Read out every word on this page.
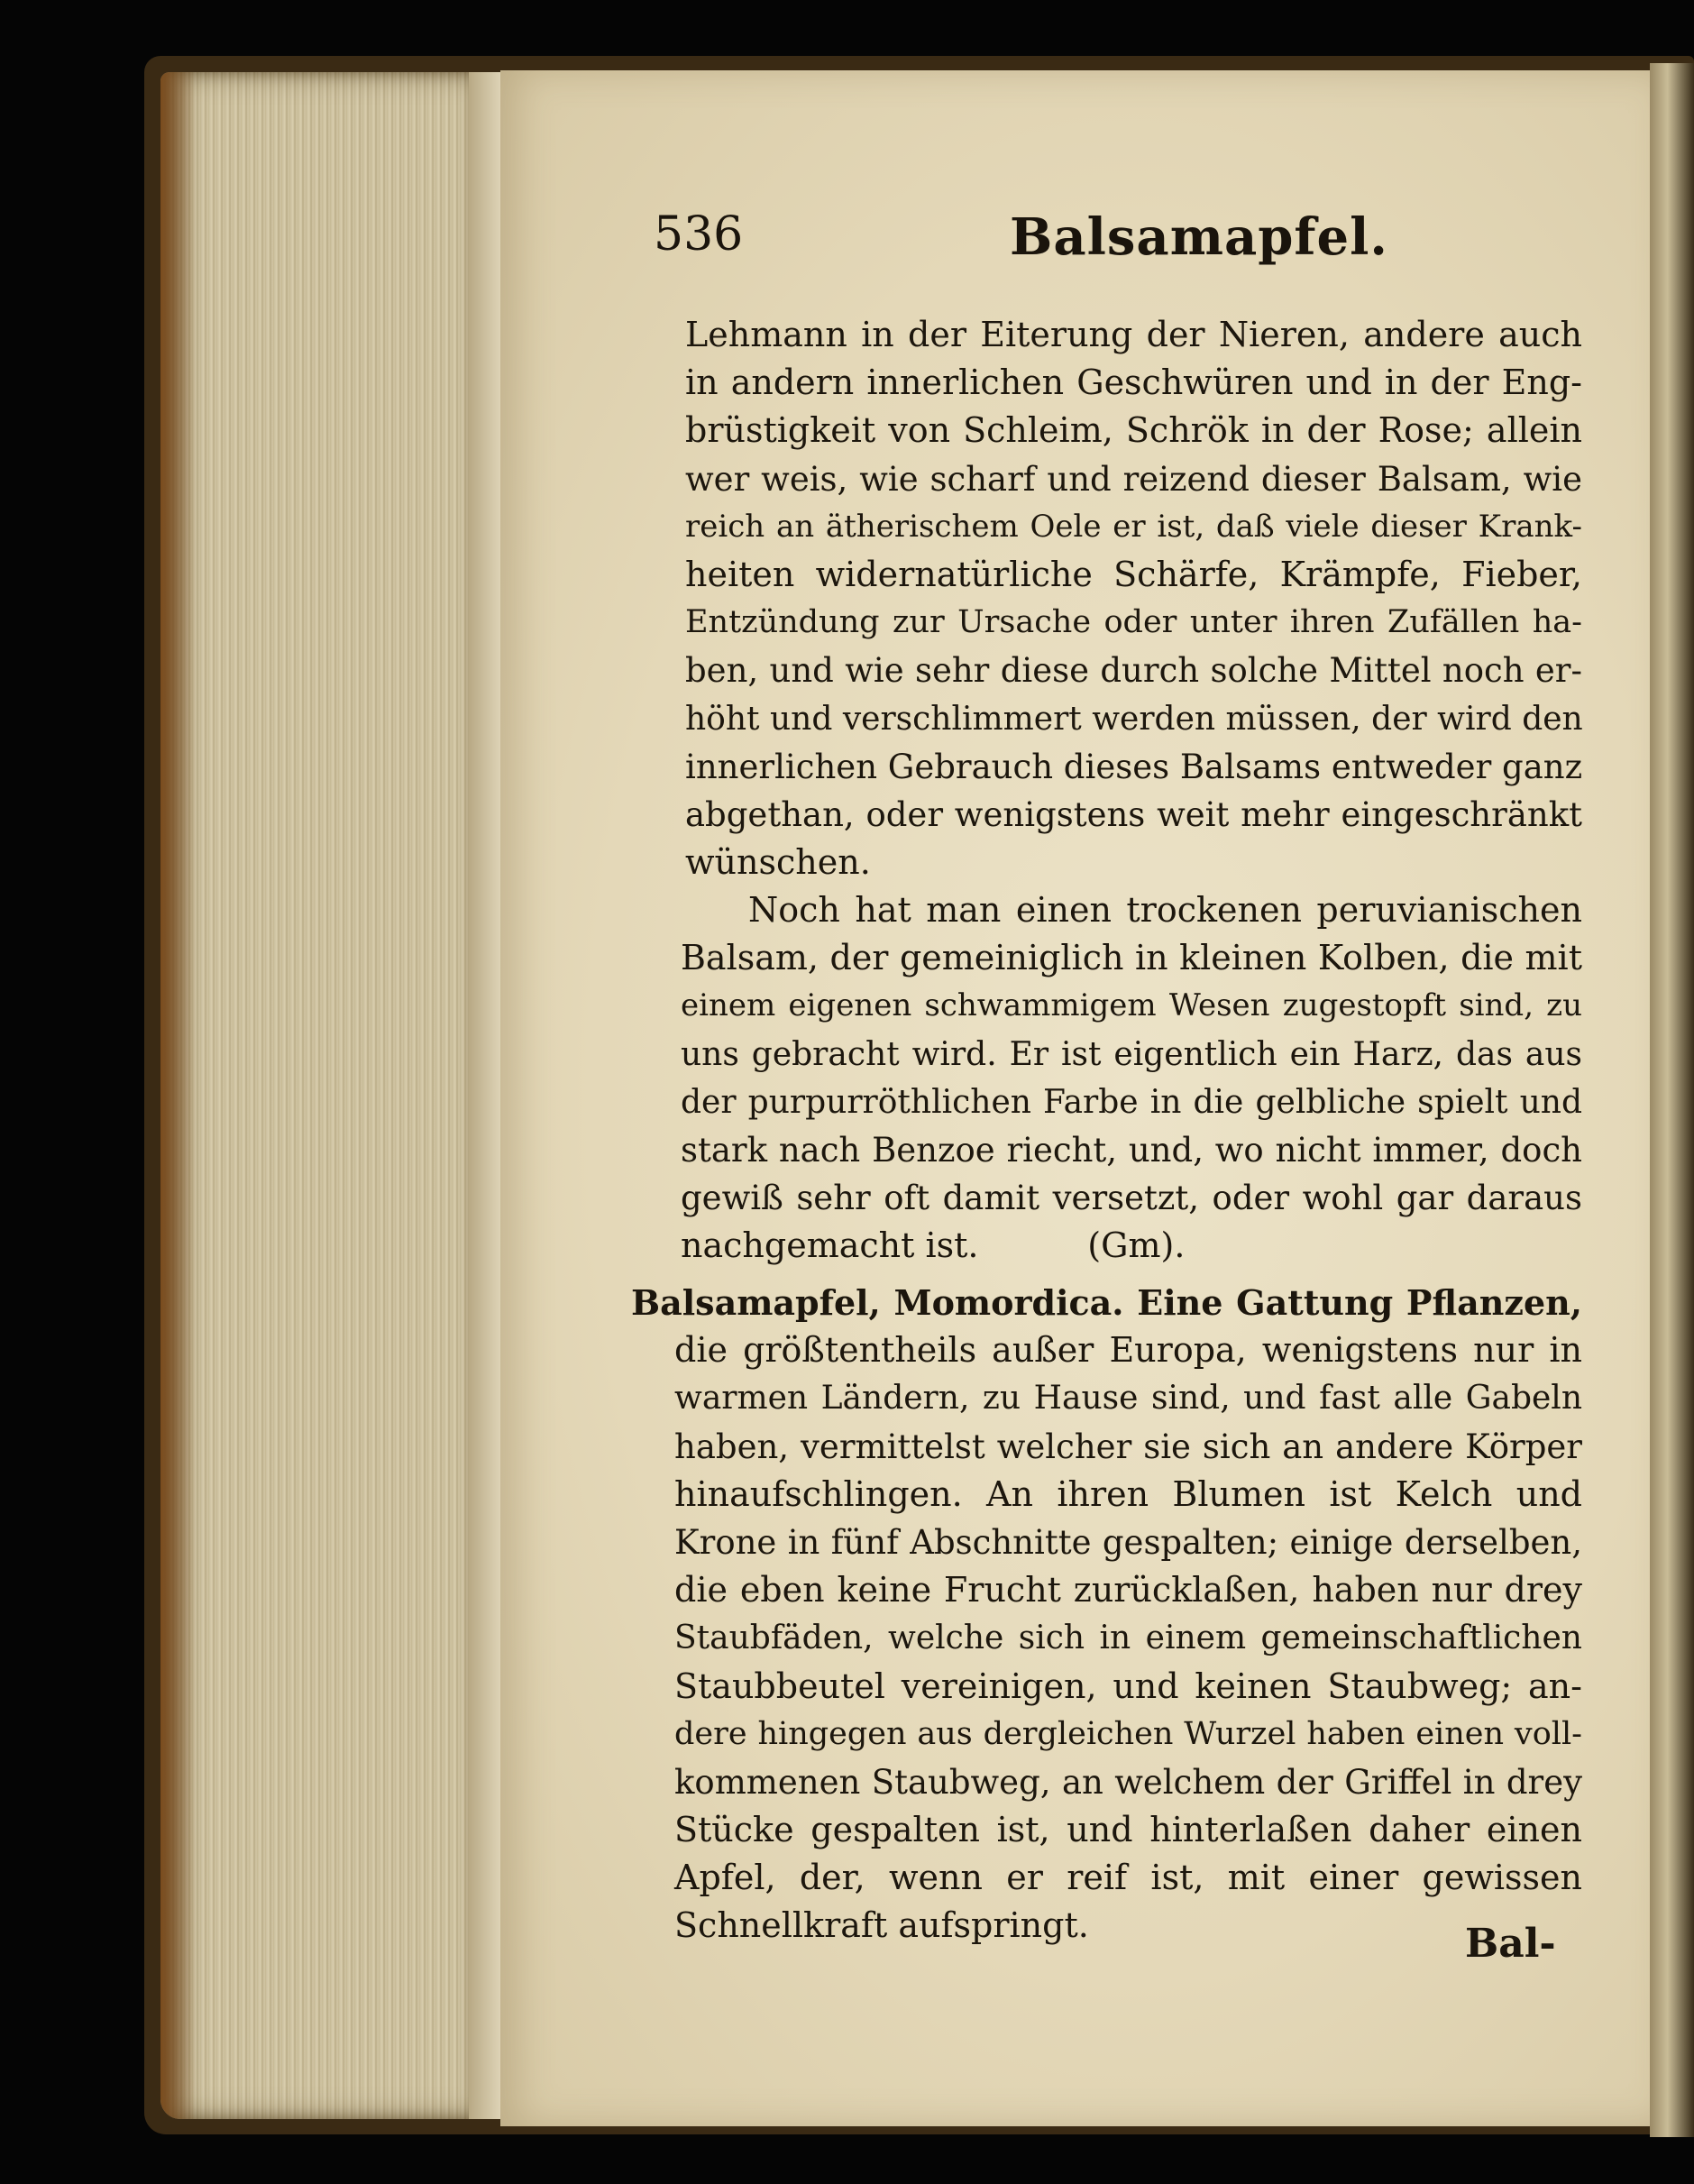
536	Balsamapfel.
Lehmann in der Eiterung der Nieren, andere auch
in andern innerlichen Geschwüren und in der Eng-
brüstigkeit von Schleim, Schrök in der Rose; allein
wer weis, wie scharf und reizend dieser Balsam, wie
reich an ätherischem Oele er ist, daß viele dieser Krank-
heiten widernatürliche Schärfe, Krämpfe, Fieber,
Entzündung zur Ursache oder unter ihren Zufällen ha-
ben, und wie sehr diese durch solche Mittel noch er-
höht und verschlimmert werden müssen, der wird den
innerlichen Gebrauch dieses Balsams entweder ganz
abgethan, oder wenigstens weit mehr eingeschränkt
wünschen.
Noch hat man einen trockenen peruvianischen
Balsam, der gemeiniglich in kleinen Kolben, die mit
einem eigenen schwammigem Wesen zugestopft sind, zu
uns gebracht wird. Er ist eigentlich ein Harz, das aus
der purpurröthlichen Farbe in die gelbliche spielt und
stark nach Benzoe riecht, und, wo nicht immer, doch
gewiß sehr oft damit versetzt, oder wohl gar daraus
nachgemacht ist.          (Gm).
Balsamapfel, Momordica. Eine Gattung Pflanzen,
die größtentheils außer Europa, wenigstens nur in
warmen Ländern, zu Hause sind, und fast alle Gabeln
haben, vermittelst welcher sie sich an andere Körper
hinaufschlingen. An ihren Blumen ist Kelch und
Krone in fünf Abschnitte gespalten; einige derselben,
die eben keine Frucht zurücklaßen, haben nur drey
Staubfäden, welche sich in einem gemeinschaftlichen
Staubbeutel vereinigen, und keinen Staubweg; an-
dere hingegen aus dergleichen Wurzel haben einen voll-
kommenen Staubweg, an welchem der Griffel in drey
Stücke gespalten ist, und hinterlaßen daher einen
Apfel, der, wenn er reif ist, mit einer gewissen
Schnellkraft aufspringt.	Bal-
